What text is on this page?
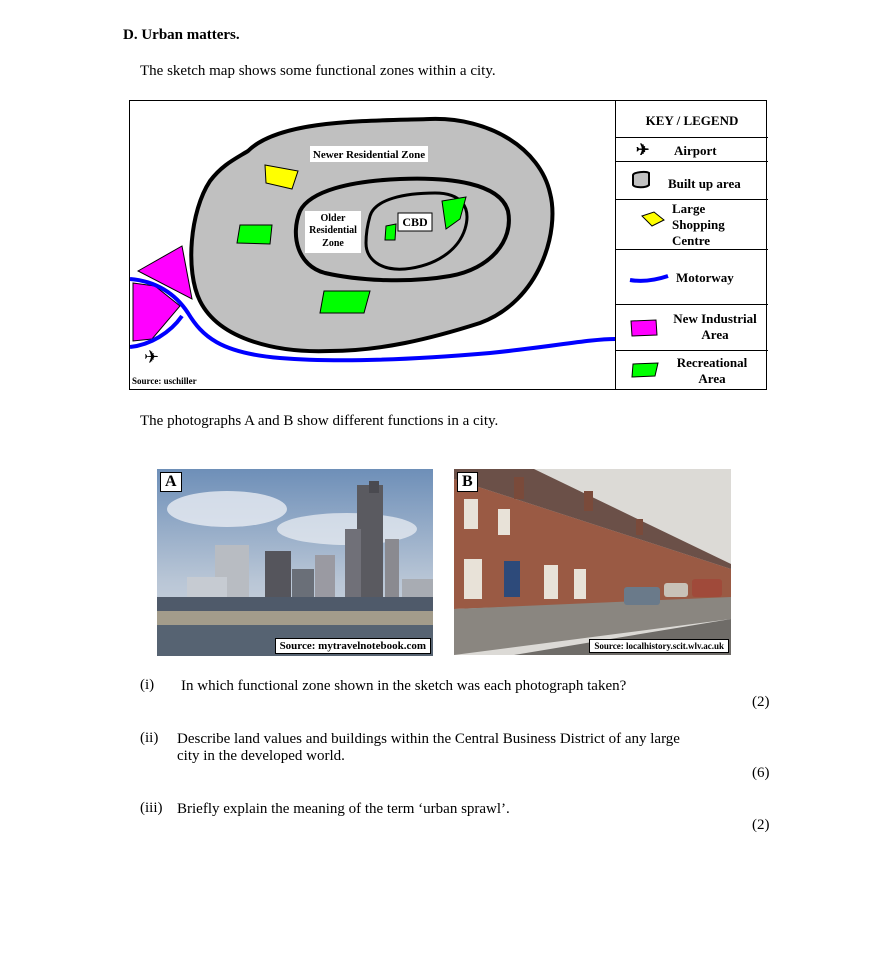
D. Urban matters.
The sketch map shows some functional zones within a city.
✈
Newer Residential Zone
Older
Residential
Zone
CBD
Source: uschiller
KEY / LEGEND
✈ Airport
Built up area
Large
Shopping
Centre
Motorway
New Industrial
Area
Recreational
Area
The photographs A and B show different functions in a city.
A
Source: mytravelnotebook.com
B
Source: localhistory.scit.wlv.ac.uk
(i) In which functional zone shown in the sketch was each photograph taken?
(2)
(ii) Describe land values and buildings within the Central Business District of any large
city in the developed world.
(6)
(iii) Briefly explain the meaning of the term ‘urban sprawl’.
(2)
